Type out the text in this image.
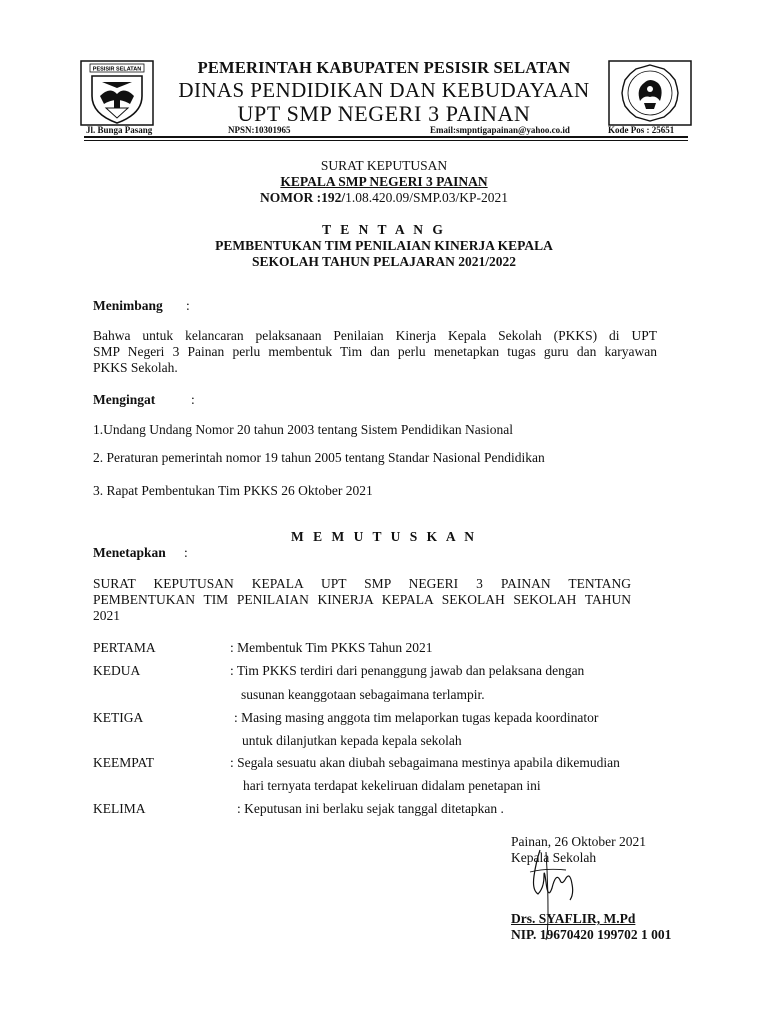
PESISIR SELATAN	PEMERINTAH KABUPATEN PESISIR SELATAN
DINAS PENDIDIKAN DAN KEBUDAYAAN
UPT SMP NEGERI 3 PAINAN
Jl. Bunga Pasang	NPSN:10301965	Email:smpntigapainan@yahoo.co.id	Kode Pos : 25651
SURAT KEPUTUSAN
KEPALA SMP NEGERI 3 PAINAN
NOMOR :192/1.08.420.09/SMP.03/KP-2021
T E N T A N G
PEMBENTUKAN TIM PENILAIAN KINERJA KEPALA
SEKOLAH TAHUN PELAJARAN 2021/2022
Menimbang :
Bahwa untuk kelancaran pelaksanaan Penilaian Kinerja Kepala Sekolah (PKKS) di UPT
SMP Negeri 3 Painan perlu membentuk Tim dan perlu menetapkan tugas guru dan karyawan
PKKS Sekolah.
Mengingat	:
1.Undang Undang Nomor 20 tahun 2003 tentang Sistem Pendidikan Nasional
2. Peraturan pemerintah nomor 19 tahun 2005 tentang Standar Nasional Pendidikan
3. Rapat Pembentukan Tim PKKS 26 Oktober 2021
M E M U T U S K A N
Menetapkan :
SURAT KEPUTUSAN KEPALA UPT SMP NEGERI 3 PAINAN TENTANG
PEMBENTUKAN TIM PENILAIAN KINERJA KEPALA SEKOLAH SEKOLAH TAHUN
2021
PERTAMA	: Membentuk Tim PKKS Tahun 2021
KEDUA	: Tim PKKS terdiri dari penanggung jawab dan pelaksana dengan
susunan keanggotaan sebagaimana terlampir.
KETIGA	: Masing masing anggota tim melaporkan tugas kepada koordinator
untuk dilanjutkan kepada kepala sekolah
KEEMPAT	: Segala sesuatu akan diubah sebagaimana mestinya apabila dikemudian
hari ternyata terdapat kekeliruan didalam penetapan ini
KELIMA	: Keputusan ini berlaku sejak tanggal ditetapkan .
Painan, 26 Oktober 2021
Kepala Sekolah
Drs. SYAFLIR, M.Pd
NIP. 19670420 199702 1 001
